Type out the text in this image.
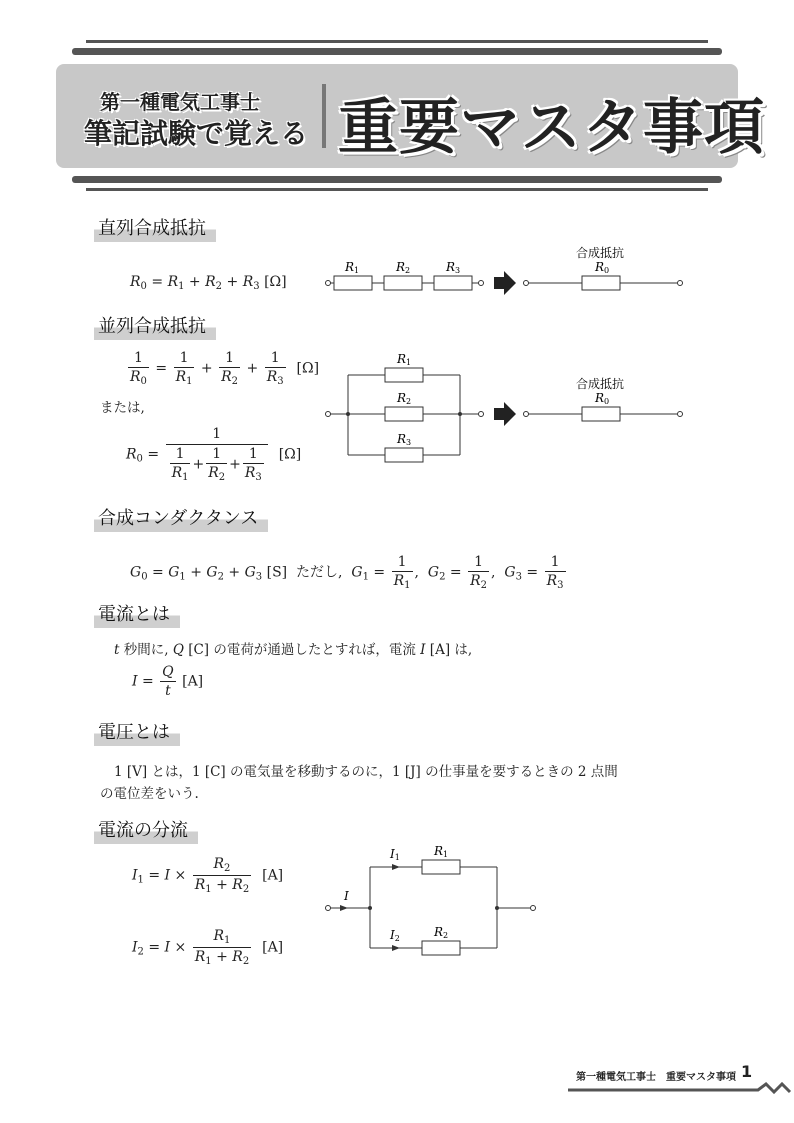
第一種電気工事士
筆記試験で覚える 重要マスタ事項
直列合成抵抗
$R_0 = R_1 + R_2 + R_3$ [Ω]
R1	R2	R3
合成抵抗
R0
並列合成抵抗
$\frac{1}{R_0} = \frac{1}{R_1} + \frac{1}{R_2} + \frac{1}{R_3} [\Omega]$
または,
$R_0 = \frac{1}{\frac{1}{R_1} + \frac{1}{R_2} + \frac{1}{R_3}} [\Omega]$
R1
R2
R3
合成抵抗
R0
合成コンダクタンス
$G_0 = G_1 + G_2 + G_3$ [S] ただし, $G_1 = \frac{1}{R_1}$ ,  $G_2 = \frac{1}{R_2}$ ,  $G_3 = \frac{1}{R_3}$
電流とは
t 秒間に, Q [C] の電荷が通過したとすれば，電流 I [A] は,
$I = \frac{Q}{t} [A]$
電圧とは
1 [V] とは，1 [C] の電気量を移動するのに，1 [J] の仕事量を要するときの 2 点間
の電位差をいう.
電流の分流
$I_1 = I \times \frac{R_2}{R_1 + R_2} [A]$
$I_2 = I \times \frac{R_1}{R_1 + R_2} [A]$
I
I1
I2
R1
R2
第一種電気工事士　重要マスタ事項 1
